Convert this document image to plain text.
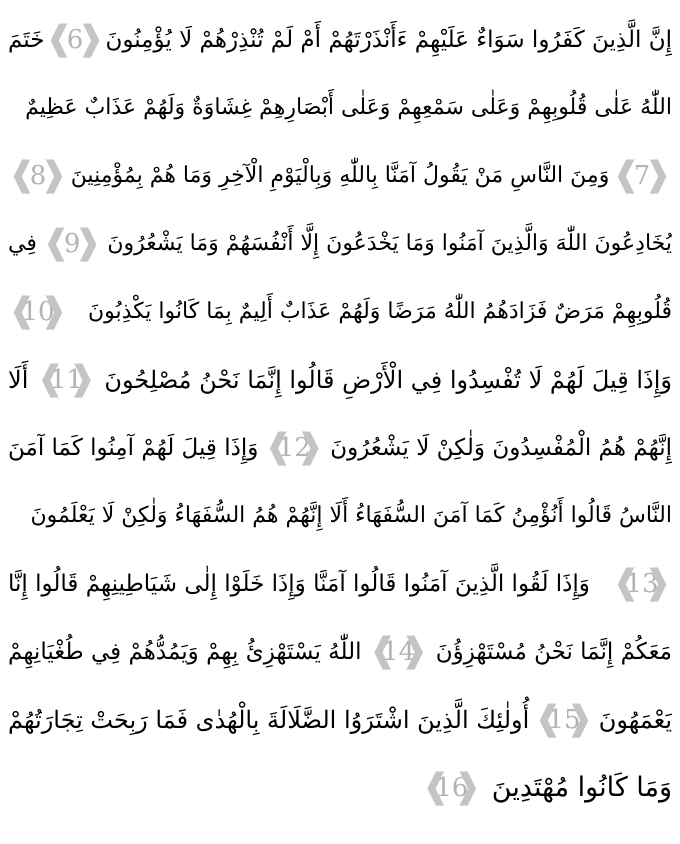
إِنَّ الَّذِينَ كَفَرُوا سَوَاءٌ عَلَيْهِمْ ءَأَنْذَرْتَهُمْ أَمْ لَمْ تُنْذِرْهُمْ لَا يُؤْمِنُونَ
❰ 6 ❱
خَتَمَ
اللّٰهُ عَلٰى قُلُوبِهِمْ وَعَلٰى سَمْعِهِمْ وَعَلٰى أَبْصَارِهِمْ غِشَاوَةٌ وَلَهُمْ عَذَابٌ عَظِيمٌ
❰ 7 ❱
وَمِنَ النَّاسِ مَنْ يَقُولُ آمَنَّا بِاللّٰهِ وَبِالْيَوْمِ الْآخِرِ وَمَا هُمْ بِمُؤْمِنِينَ
❰ 8 ❱
يُخَادِعُونَ اللّٰهَ وَالَّذِينَ آمَنُوا وَمَا يَخْدَعُونَ إِلَّا أَنْفُسَهُمْ وَمَا يَشْعُرُونَ
❰ 9 ❱
فِي
قُلُوبِهِمْ مَرَضٌ فَزَادَهُمُ اللّٰهُ مَرَضًا وَلَهُمْ عَذَابٌ أَلِيمٌ بِمَا كَانُوا يَكْذِبُونَ
❰ 10 ❱
وَإِذَا قِيلَ لَهُمْ لَا تُفْسِدُوا فِي الْأَرْضِ قَالُوا إِنَّمَا نَحْنُ مُصْلِحُونَ
❰ 11 ❱
أَلَا
إِنَّهُمْ هُمُ الْمُفْسِدُونَ وَلٰكِنْ لَا يَشْعُرُونَ
❰ 12 ❱
وَإِذَا قِيلَ لَهُمْ آمِنُوا كَمَا آمَنَ
النَّاسُ قَالُوا أَنُؤْمِنُ كَمَا آمَنَ السُّفَهَاءُ أَلَا إِنَّهُمْ هُمُ السُّفَهَاءُ وَلٰكِنْ لَا يَعْلَمُونَ
❰ 13 ❱
وَإِذَا لَقُوا الَّذِينَ آمَنُوا قَالُوا آمَنَّا وَإِذَا خَلَوْا إِلٰى شَيَاطِينِهِمْ قَالُوا إِنَّا
مَعَكُمْ إِنَّمَا نَحْنُ مُسْتَهْزِؤُنَ
❰ 14 ❱
اللّٰهُ يَسْتَهْزِئُ بِهِمْ وَيَمُدُّهُمْ فِي طُغْيَانِهِمْ
يَعْمَهُونَ
❰ 15 ❱
أُولٰئِكَ الَّذِينَ اشْتَرَوُا الضَّلَالَةَ بِالْهُدٰى فَمَا رَبِحَتْ تِجَارَتُهُمْ
وَمَا كَانُوا مُهْتَدِينَ
❰ 16 ❱
